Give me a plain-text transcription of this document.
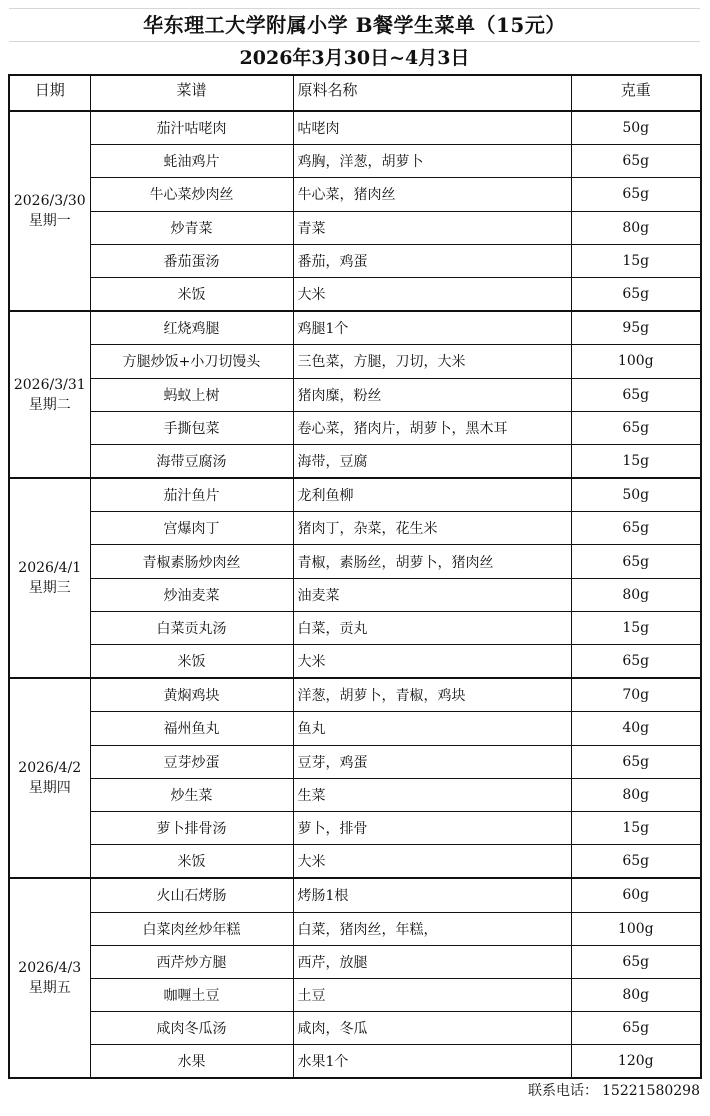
华东理工大学附属小学 B餐学生菜单（15元）
2026年3月30日~4月3日
日期	菜谱	原料名称	克重

2026/3/30
星期一	茄汁咕咾肉	咕咾肉	50g
	蚝油鸡片	鸡胸，洋葱，胡萝卜	65g
	牛心菜炒肉丝	牛心菜，猪肉丝	65g
	炒青菜	青菜	80g
	番茄蛋汤	番茄，鸡蛋	15g
	米饭	大米	65g

2026/3/31
星期二	红烧鸡腿	鸡腿1个	95g
	方腿炒饭+小刀切馒头	三色菜，方腿，刀切，大米	100g
	蚂蚁上树	猪肉糜，粉丝	65g
	手撕包菜	卷心菜，猪肉片，胡萝卜，黑木耳	65g
	海带豆腐汤	海带，豆腐	15g

2026/4/1
星期三	茄汁鱼片	龙利鱼柳	50g
	宫爆肉丁	猪肉丁，杂菜，花生米	65g
	青椒素肠炒肉丝	青椒，素肠丝，胡萝卜，猪肉丝	65g
	炒油麦菜	油麦菜	80g
	白菜贡丸汤	白菜，贡丸	15g
	米饭	大米	65g

2026/4/2
星期四	黄焖鸡块	洋葱，胡萝卜，青椒，鸡块	70g
	福州鱼丸	鱼丸	40g
	豆芽炒蛋	豆芽，鸡蛋	65g
	炒生菜	生菜	80g
	萝卜排骨汤	萝卜，排骨	15g
	米饭	大米	65g

2026/4/3
星期五	火山石烤肠	烤肠1根	60g
	白菜肉丝炒年糕	白菜，猪肉丝，年糕，	100g
	西芹炒方腿	西芹，放腿	65g
	咖喱土豆	土豆	80g
	咸肉冬瓜汤	咸肉，冬瓜	65g
	水果	水果1个	120g
联系电话： 15221580298
